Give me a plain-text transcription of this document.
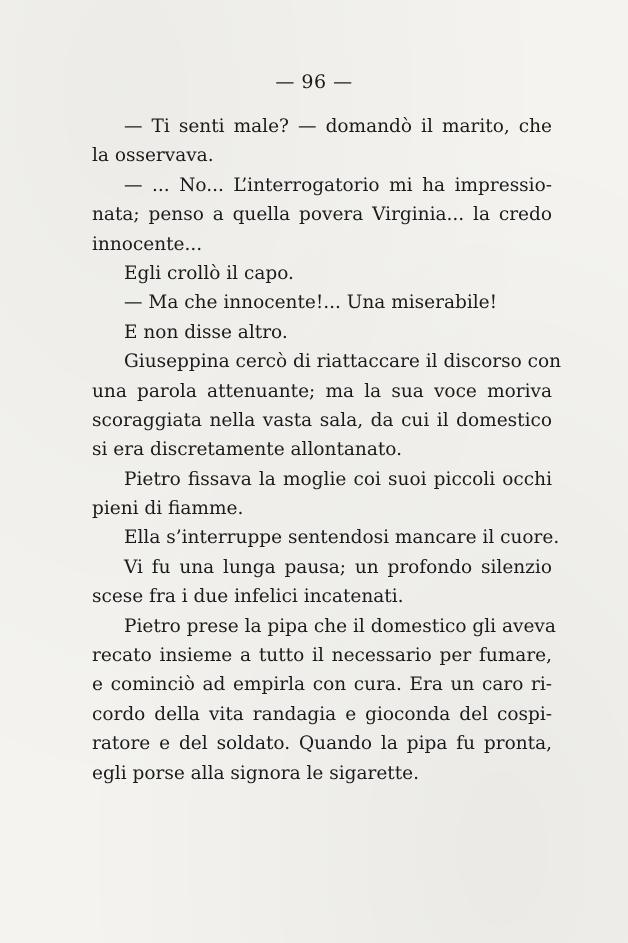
— 96 —
— Ti senti male? — domandò il marito, che
la osservava.
— ... No... L’interrogatorio mi ha impressio-
nata; penso a quella povera Virginia... la credo
innocente...
Egli crollò il capo.
— Ma che innocente!... Una miserabile!
E non disse altro.
Giuseppina cercò di riattaccare il discorso con
una parola attenuante; ma la sua voce moriva
scoraggiata nella vasta sala, da cui il domestico
si era discretamente allontanato.
Pietro fissava la moglie coi suoi piccoli occhi
pieni di fiamme.
Ella s’interruppe sentendosi mancare il cuore.
Vi fu una lunga pausa; un profondo silenzio
scese fra i due infelici incatenati.
Pietro prese la pipa che il domestico gli aveva
recato insieme a tutto il necessario per fumare,
e cominciò ad empirla con cura. Era un caro ri-
cordo della vita randagia e gioconda del cospi-
ratore e del soldato. Quando la pipa fu pronta,
egli porse alla signora le sigarette.
